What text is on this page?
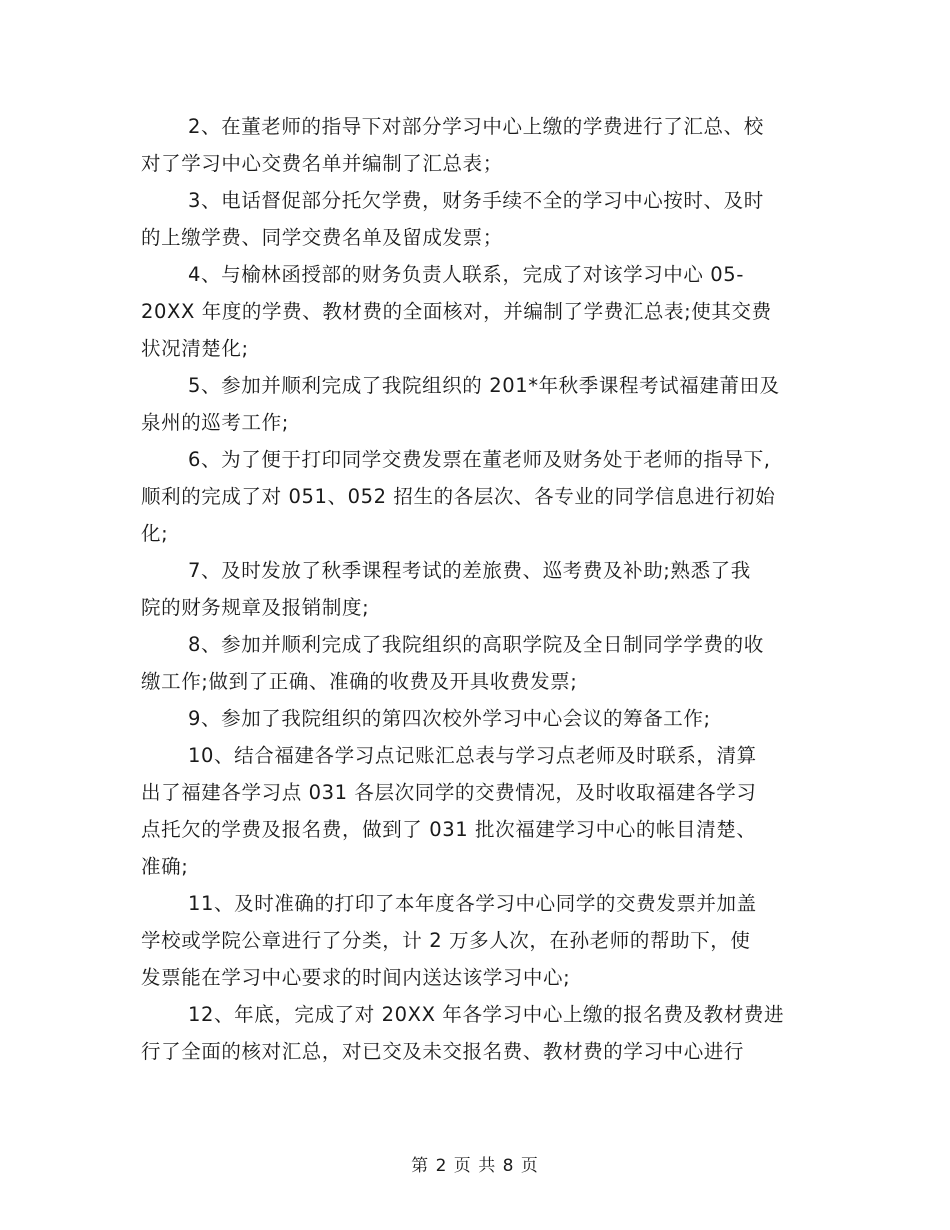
2、在董老师的指导下对部分学习中心上缴的学费进行了汇总、校
对了学习中心交费名单并编制了汇总表；
3、电话督促部分托欠学费，财务手续不全的学习中心按时、及时
的上缴学费、同学交费名单及留成发票；
4、与榆林函授部的财务负责人联系，完成了对该学习中心 05-
20XX 年度的学费、教材费的全面核对，并编制了学费汇总表;使其交费
状况清楚化;
5、参加并顺利完成了我院组织的 201*年秋季课程考试福建莆田及
泉州的巡考工作;
6、为了便于打印同学交费发票在董老师及财务处于老师的指导下,
顺利的完成了对 051、052 招生的各层次、各专业的同学信息进行初始
化;
7、及时发放了秋季课程考试的差旅费、巡考费及补助;熟悉了我
院的财务规章及报销制度;
8、参加并顺利完成了我院组织的高职学院及全日制同学学费的收
缴工作;做到了正确、准确的收费及开具收费发票;
9、参加了我院组织的第四次校外学习中心会议的筹备工作;
10、结合福建各学习点记账汇总表与学习点老师及时联系，清算
出了福建各学习点 031 各层次同学的交费情况，及时收取福建各学习
点托欠的学费及报名费，做到了 031 批次福建学习中心的帐目清楚、
准确;
11、及时准确的打印了本年度各学习中心同学的交费发票并加盖
学校或学院公章进行了分类，计 2 万多人次，在孙老师的帮助下，使
发票能在学习中心要求的时间内送达该学习中心;
12、年底，完成了对 20XX 年各学习中心上缴的报名费及教材费进
行了全面的核对汇总，对已交及未交报名费、教材费的学习中心进行
第 2 页 共 8 页
